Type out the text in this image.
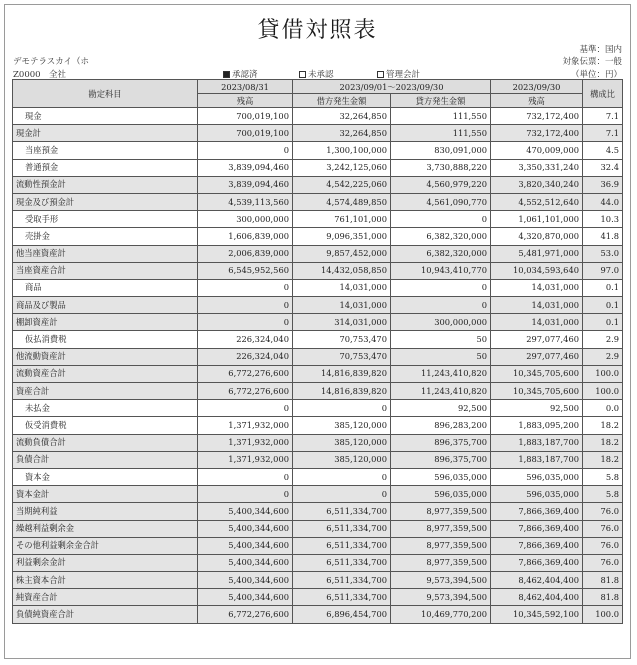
貸借対照表
デモテラスカイ（ホ
Z0000　全社
基準：国内
対象伝票：一般
（単位：円）
承認済	未承認	管理会計
勘定科目	2023/08/31	2023/09/01～2023/09/30		2023/09/30	構成比
	残高	借方発生金額	貸方発生金額	残高	
現金	700,019,100	32,264,850	111,550	732,172,400	7.1
現金計	700,019,100	32,264,850	111,550	732,172,400	7.1
当座預金	0	1,300,100,000	830,091,000	470,009,000	4.5
普通預金	3,839,094,460	3,242,125,060	3,730,888,220	3,350,331,240	32.4
流動性預金計	3,839,094,460	4,542,225,060	4,560,979,220	3,820,340,240	36.9
現金及び預金計	4,539,113,560	4,574,489,850	4,561,090,770	4,552,512,640	44.0
受取手形	300,000,000	761,101,000	0	1,061,101,000	10.3
売掛金	1,606,839,000	9,096,351,000	6,382,320,000	4,320,870,000	41.8
他当座資産計	2,006,839,000	9,857,452,000	6,382,320,000	5,481,971,000	53.0
当座資産合計	6,545,952,560	14,432,058,850	10,943,410,770	10,034,593,640	97.0
商品	0	14,031,000	0	14,031,000	0.1
商品及び製品	0	14,031,000	0	14,031,000	0.1
棚卸資産計	0	314,031,000	300,000,000	14,031,000	0.1
仮払消費税	226,324,040	70,753,470	50	297,077,460	2.9
他流動資産計	226,324,040	70,753,470	50	297,077,460	2.9
流動資産合計	6,772,276,600	14,816,839,820	11,243,410,820	10,345,705,600	100.0
資産合計	6,772,276,600	14,816,839,820	11,243,410,820	10,345,705,600	100.0
未払金	0	0	92,500	92,500	0.0
仮受消費税	1,371,932,000	385,120,000	896,283,200	1,883,095,200	18.2
流動負債合計	1,371,932,000	385,120,000	896,375,700	1,883,187,700	18.2
負債合計	1,371,932,000	385,120,000	896,375,700	1,883,187,700	18.2
資本金	0	0	596,035,000	596,035,000	5.8
資本金計	0	0	596,035,000	596,035,000	5.8
当期純利益	5,400,344,600	6,511,334,700	8,977,359,500	7,866,369,400	76.0
繰越利益剰余金	5,400,344,600	6,511,334,700	8,977,359,500	7,866,369,400	76.0
その他利益剰余金合計	5,400,344,600	6,511,334,700	8,977,359,500	7,866,369,400	76.0
利益剰余金計	5,400,344,600	6,511,334,700	8,977,359,500	7,866,369,400	76.0
株主資本合計	5,400,344,600	6,511,334,700	9,573,394,500	8,462,404,400	81.8
純資産合計	5,400,344,600	6,511,334,700	9,573,394,500	8,462,404,400	81.8
負債純資産合計	6,772,276,600	6,896,454,700	10,469,770,200	10,345,592,100	100.0
